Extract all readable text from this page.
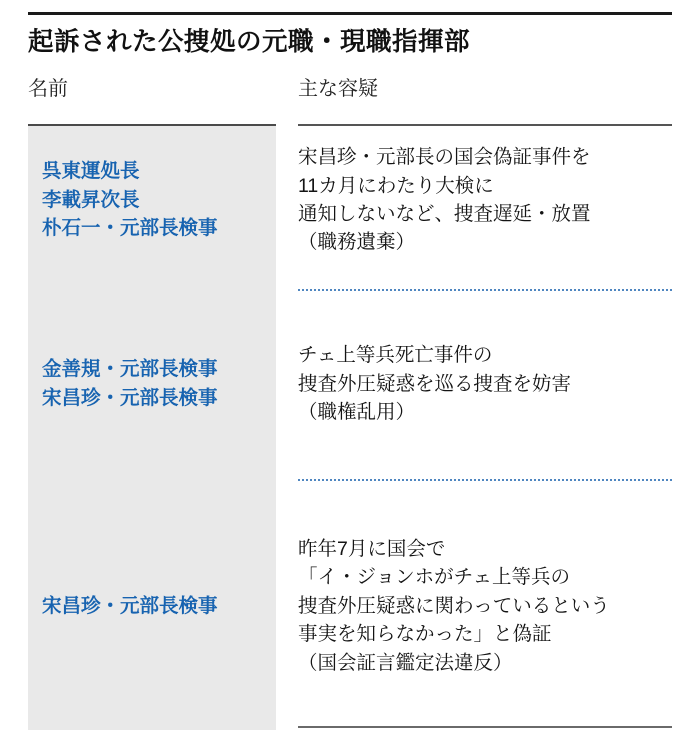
起訴された公捜処の元職・現職指揮部
名前	主な容疑
呉東運処長
李載昇次長
朴石一・元部長検事
宋昌珍・元部長の国会偽証事件を
11カ月にわたり大検に
通知しないなど、捜査遅延・放置
（職務遺棄）
金善規・元部長検事
宋昌珍・元部長検事
チェ上等兵死亡事件の
捜査外圧疑惑を巡る捜査を妨害
（職権乱用）
宋昌珍・元部長検事
昨年7月に国会で
「イ・ジョンホがチェ上等兵の
捜査外圧疑惑に関わっているという
事実を知らなかった」と偽証
（国会証言鑑定法違反）
